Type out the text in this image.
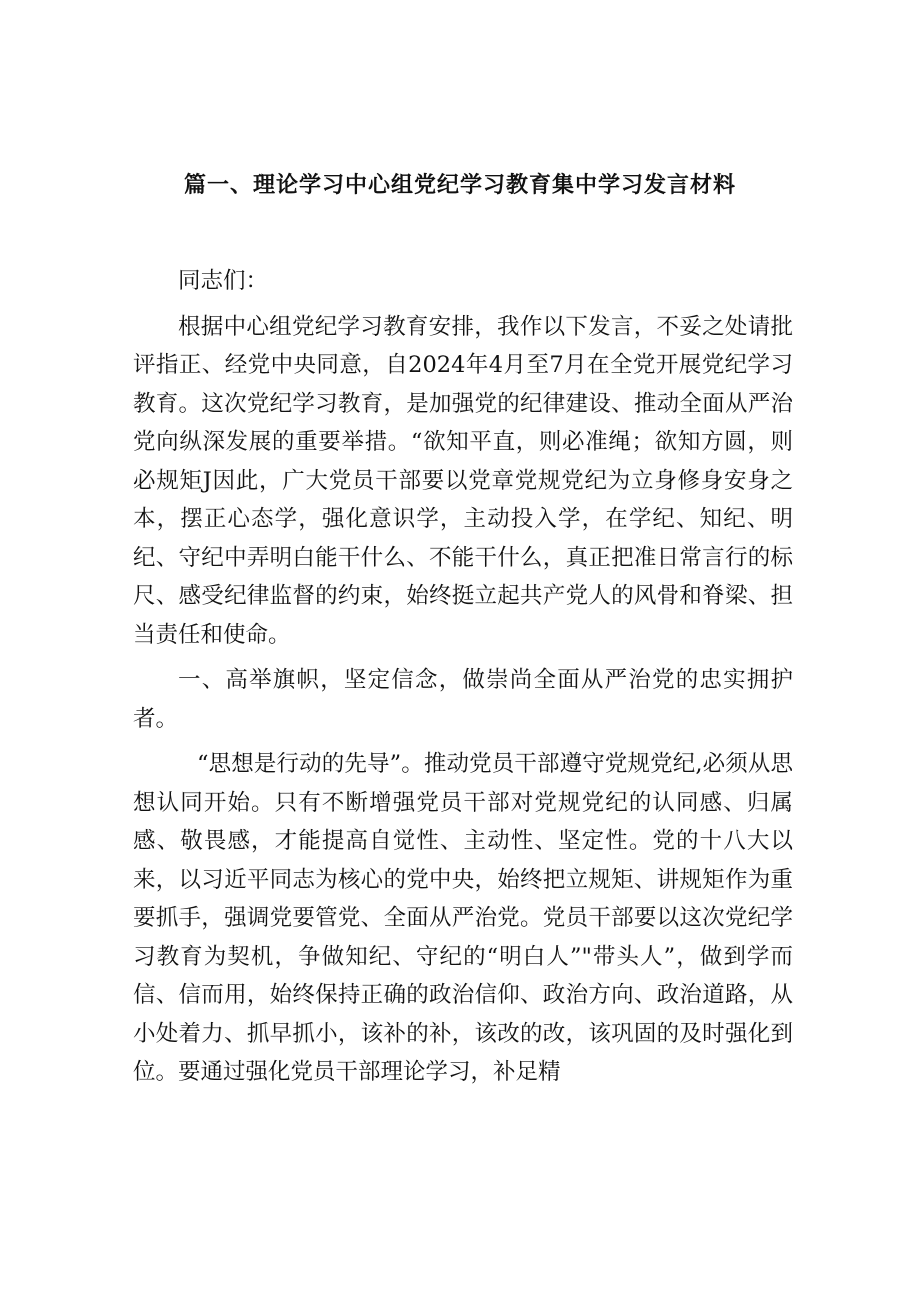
篇一、理论学习中心组党纪学习教育集中学习发言材料

同志们：

根据中心组党纪学习教育安排，我作以下发言，不妥之处请批评指正、经党中央同意，自2024年4月至7月在全党开展党纪学习教育。这次党纪学习教育，是加强党的纪律建设、推动全面从严治党向纵深发展的重要举措。“欲知平直，则必准绳；欲知方圆，则必规矩J因此，广大党员干部要以党章党规党纪为立身修身安身之本，摆正心态学，强化意识学，主动投入学，在学纪、知纪、明纪、守纪中弄明白能干什么、不能干什么，真正把准日常言行的标尺、感受纪律监督的约束，始终挺立起共产党人的风骨和脊梁、担当责任和使命。

一、高举旗帜，坚定信念，做崇尚全面从严治党的忠实拥护者。

“思想是行动的先导”。推动党员干部遵守党规党纪,必须从思想认同开始。只有不断增强党员干部对党规党纪的认同感、归属感、敬畏感，才能提高自觉性、主动性、坚定性。党的十八大以来，以习近平同志为核心的党中央，始终把立规矩、讲规矩作为重要抓手，强调党要管党、全面从严治党。党员干部要以这次党纪学习教育为契机，争做知纪、守纪的“明白人”"带头人”，做到学而信、信而用，始终保持正确的政治信仰、政治方向、政治道路，从小处着力、抓早抓小，该补的补，该改的改，该巩固的及时强化到位。要通过强化党员干部理论学习，补足精
